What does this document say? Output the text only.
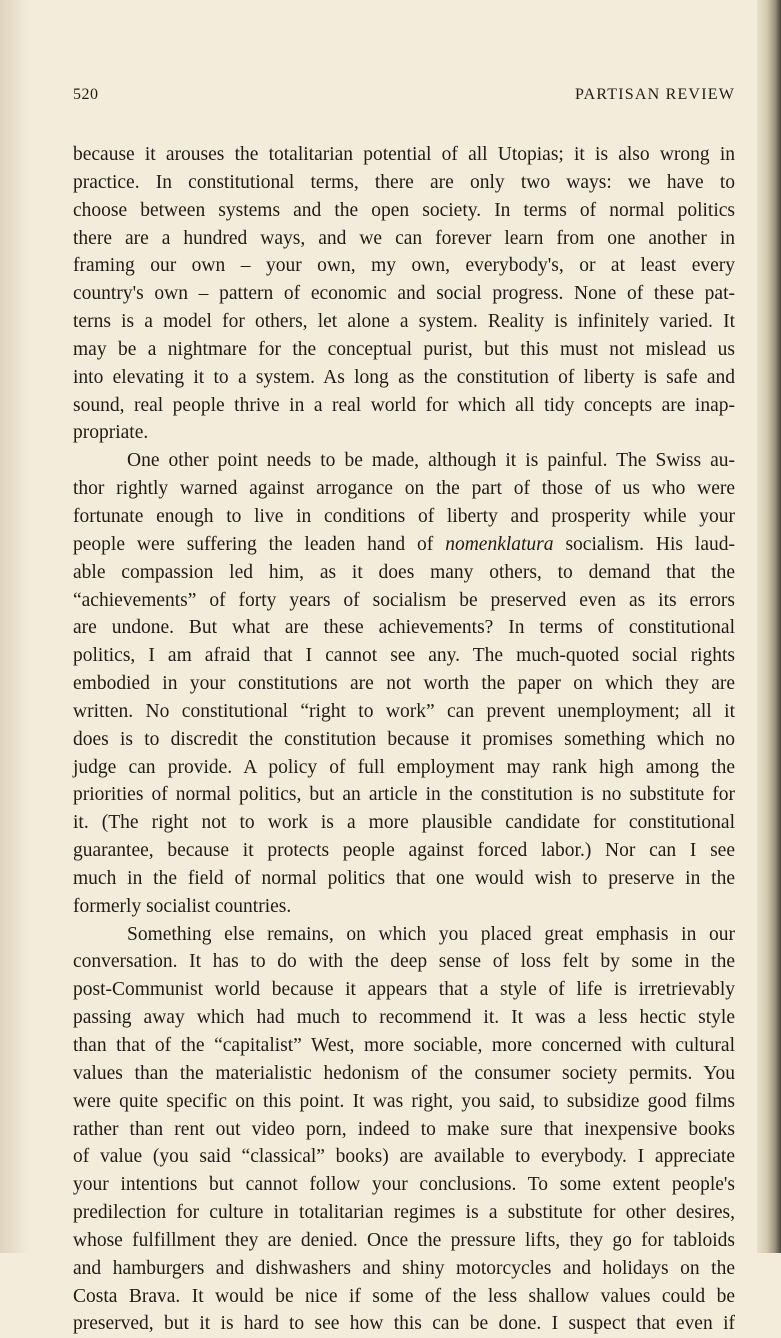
520	PARTISAN REVIEW
because it arouses the totalitarian potential of all Utopias; it is also wrong in
practice. In constitutional terms, there are only two ways: we have to
choose between systems and the open society. In terms of normal politics
there are a hundred ways, and we can forever learn from one another in
framing our own – your own, my own, everybody's, or at least every
country's own – pattern of economic and social progress. None of these pat-
terns is a model for others, let alone a system. Reality is infinitely varied. It
may be a nightmare for the conceptual purist, but this must not mislead us
into elevating it to a system. As long as the constitution of liberty is safe and
sound, real people thrive in a real world for which all tidy concepts are inap-
propriate.
One other point needs to be made, although it is painful. The Swiss au-
thor rightly warned against arrogance on the part of those of us who were
fortunate enough to live in conditions of liberty and prosperity while your
people were suffering the leaden hand of nomenklatura socialism. His laud-
able compassion led him, as it does many others, to demand that the
“achievements” of forty years of socialism be preserved even as its errors
are undone. But what are these achievements? In terms of constitutional
politics, I am afraid that I cannot see any. The much-quoted social rights
embodied in your constitutions are not worth the paper on which they are
written. No constitutional “right to work” can prevent unemployment; all it
does is to discredit the constitution because it promises something which no
judge can provide. A policy of full employment may rank high among the
priorities of normal politics, but an article in the constitution is no substitute for
it. (The right not to work is a more plausible candidate for constitutional
guarantee, because it protects people against forced labor.) Nor can I see
much in the field of normal politics that one would wish to preserve in the
formerly socialist countries.
Something else remains, on which you placed great emphasis in our
conversation. It has to do with the deep sense of loss felt by some in the
post-Communist world because it appears that a style of life is irretrievably
passing away which had much to recommend it. It was a less hectic style
than that of the “capitalist” West, more sociable, more concerned with cultural
values than the materialistic hedonism of the consumer society permits. You
were quite specific on this point. It was right, you said, to subsidize good films
rather than rent out video porn, indeed to make sure that inexpensive books
of value (you said “classical” books) are available to everybody. I appreciate
your intentions but cannot follow your conclusions. To some extent people's
predilection for culture in totalitarian regimes is a substitute for other desires,
whose fulfillment they are denied. Once the pressure lifts, they go for tabloids
and hamburgers and dishwashers and shiny motorcycles and holidays on the
Costa Brava. It would be nice if some of the less shallow values could be
preserved, but it is hard to see how this can be done. I suspect that even if
